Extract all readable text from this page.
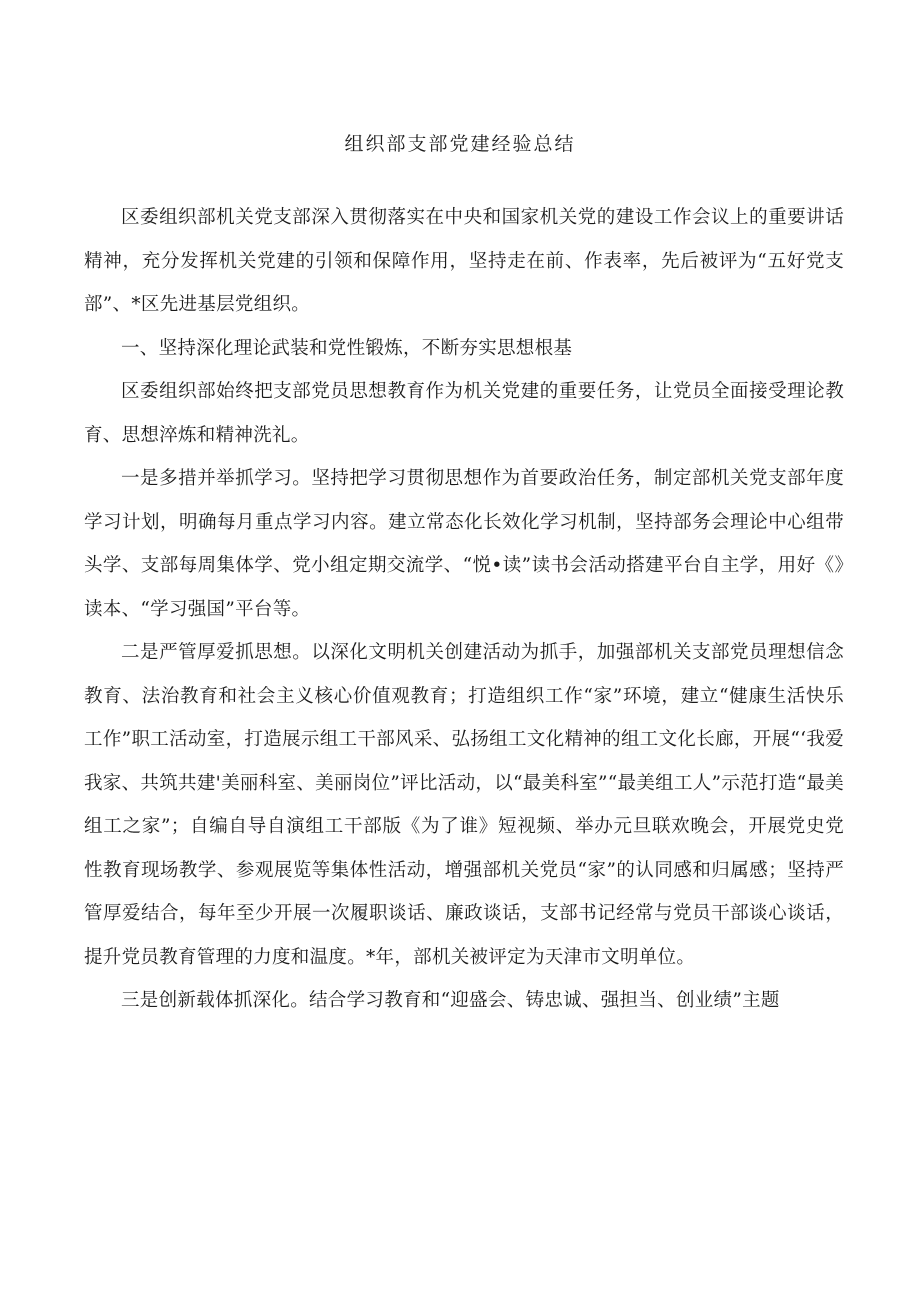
组织部支部党建经验总结

区委组织部机关党支部深入贯彻落实在中央和国家机关党的建设工作会议上的重要讲话精神，充分发挥机关党建的引领和保障作用，坚持走在前、作表率，先后被评为“五好党支部”、*区先进基层党组织。

一、坚持深化理论武装和党性锻炼，不断夯实思想根基

区委组织部始终把支部党员思想教育作为机关党建的重要任务，让党员全面接受理论教育、思想淬炼和精神洗礼。

一是多措并举抓学习。坚持把学习贯彻思想作为首要政治任务，制定部机关党支部年度学习计划，明确每月重点学习内容。建立常态化长效化学习机制，坚持部务会理论中心组带头学、支部每周集体学、党小组定期交流学、“悦•读”读书会活动搭建平台自主学，用好《》读本、“学习强国”平台等。

二是严管厚爱抓思想。以深化文明机关创建活动为抓手，加强部机关支部党员理想信念教育、法治教育和社会主义核心价值观教育；打造组织工作“家”环境，建立“健康生活快乐工作”职工活动室，打造展示组工干部风采、弘扬组工文化精神的组工文化长廊，开展“‘我爱我家、共筑共建'美丽科室、美丽岗位”评比活动，以“最美科室”“最美组工人”示范打造“最美组工之家”；自编自导自演组工干部版《为了谁》短视频、举办元旦联欢晚会，开展党史党性教育现场教学、参观展览等集体性活动，增强部机关党员“家”的认同感和归属感；坚持严管厚爱结合，每年至少开展一次履职谈话、廉政谈话，支部书记经常与党员干部谈心谈话，提升党员教育管理的力度和温度。*年，部机关被评定为天津市文明单位。

三是创新载体抓深化。结合学习教育和“迎盛会、铸忠诚、强担当、创业绩”主题
